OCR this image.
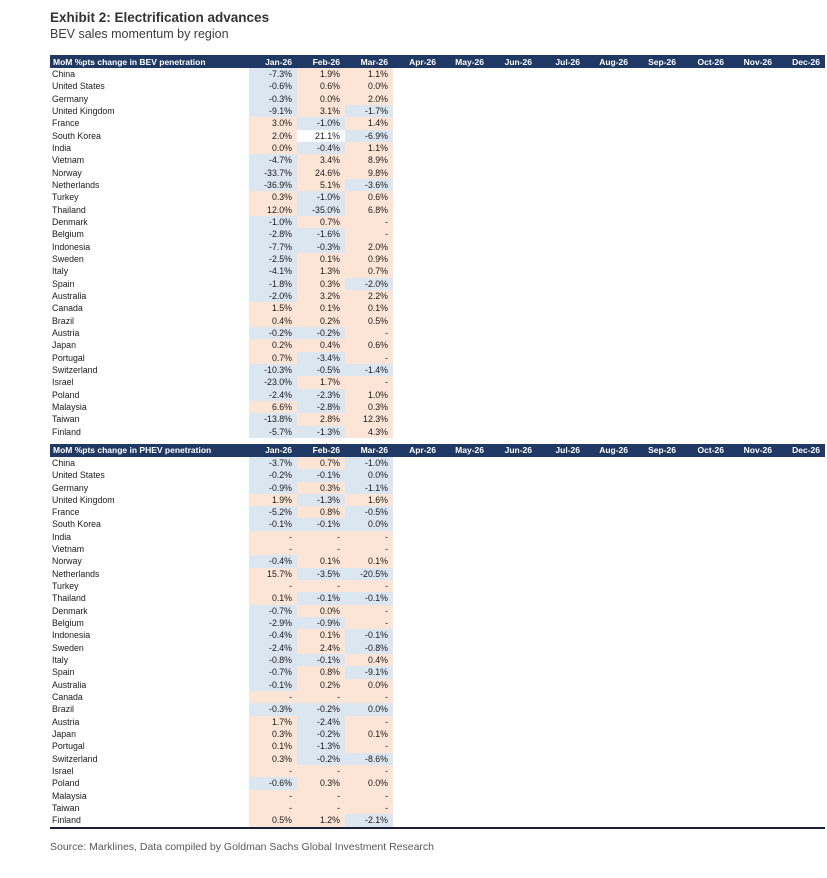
Exhibit 2: Electrification advances
BEV sales momentum by region
MoM %pts change in BEV penetration	Jan-26	Feb-26	Mar-26	Apr-26	May-26	Jun-26	Jul-26	Aug-26	Sep-26	Oct-26	Nov-26	Dec-26
China	-7.3%	1.9%	1.1%									
United States	-0.6%	0.6%	0.0%									
Germany	-0.3%	0.0%	2.0%									
United Kingdom	-9.1%	3.1%	-1.7%									
France	3.0%	-1.0%	1.4%									
South Korea	2.0%	21.1%	-6.9%									
India	0.0%	-0.4%	1.1%									
Vietnam	-4.7%	3.4%	8.9%									
Norway	-33.7%	24.6%	9.8%									
Netherlands	-36.9%	5.1%	-3.6%									
Turkey	0.3%	-1.0%	0.6%									
Thailand	12.0%	-35.0%	6.8%									
Denmark	-1.0%	0.7%	-									
Belgium	-2.8%	-1.6%	-									
Indonesia	-7.7%	-0.3%	2.0%									
Sweden	-2.5%	0.1%	0.9%									
Italy	-4.1%	1.3%	0.7%									
Spain	-1.8%	0.3%	-2.0%									
Australia	-2.0%	3.2%	2.2%									
Canada	1.5%	0.1%	0.1%									
Brazil	0.4%	0.2%	0.5%									
Austria	-0.2%	-0.2%	-									
Japan	0.2%	0.4%	0.6%									
Portugal	0.7%	-3.4%	-									
Switzerland	-10.3%	-0.5%	-1.4%									
Israel	-23.0%	1.7%	-									
Poland	-2.4%	-2.3%	1.0%									
Malaysia	6.6%	-2.8%	0.3%									
Taiwan	-13.8%	2.8%	12.3%									
Finland	-5.7%	-1.3%	4.3%									
MoM %pts change in PHEV penetration	Jan-26	Feb-26	Mar-26	Apr-26	May-26	Jun-26	Jul-26	Aug-26	Sep-26	Oct-26	Nov-26	Dec-26
China	-3.7%	0.7%	-1.0%									
United States	-0.2%	-0.1%	0.0%									
Germany	-0.9%	0.3%	-1.1%									
United Kingdom	1.9%	-1.3%	1.6%									
France	-5.2%	0.8%	-0.5%									
South Korea	-0.1%	-0.1%	0.0%									
India	-	-	-									
Vietnam	-	-	-									
Norway	-0.4%	0.1%	0.1%									
Netherlands	15.7%	-3.5%	-20.5%									
Turkey	-	-	-									
Thailand	0.1%	-0.1%	-0.1%									
Denmark	-0.7%	0.0%	-									
Belgium	-2.9%	-0.9%	-									
Indonesia	-0.4%	0.1%	-0.1%									
Sweden	-2.4%	2.4%	-0.8%									
Italy	-0.8%	-0.1%	0.4%									
Spain	-0.7%	0.8%	-9.1%									
Australia	-0.1%	0.2%	0.0%									
Canada	-	-	-									
Brazil	-0.3%	-0.2%	0.0%									
Austria	1.7%	-2.4%	-									
Japan	0.3%	-0.2%	0.1%									
Portugal	0.1%	-1.3%	-									
Switzerland	0.3%	-0.2%	-8.6%									
Israel	-	-	-									
Poland	-0.6%	0.3%	0.0%									
Malaysia	-	-	-									
Taiwan	-	-	-									
Finland	0.5%	1.2%	-2.1%									
Source: Marklines, Data compiled by Goldman Sachs Global Investment Research
